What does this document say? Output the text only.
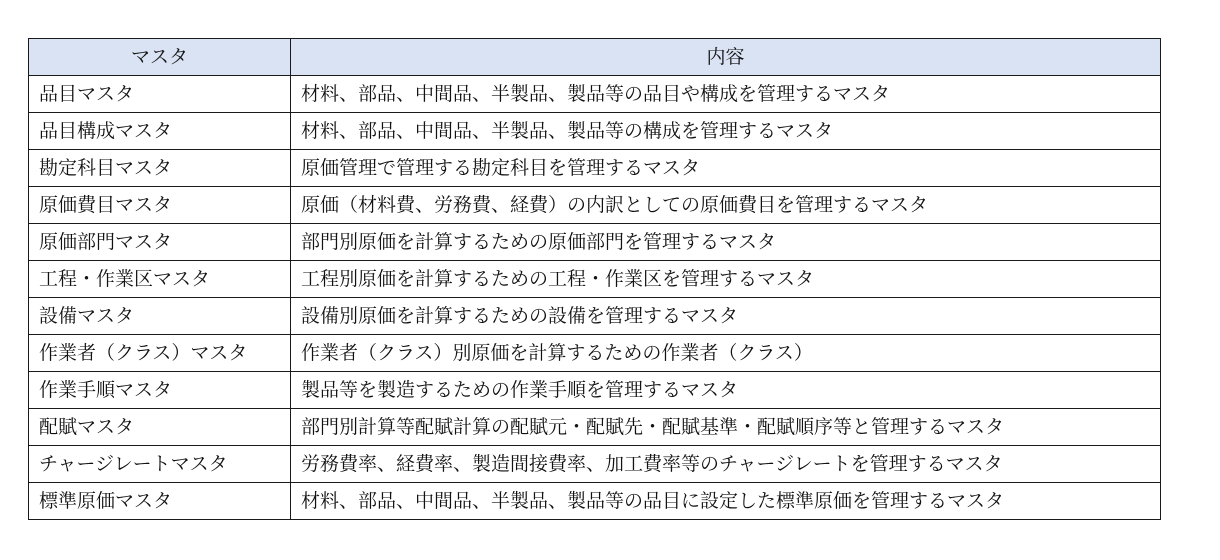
マスタ	内容
品目マスタ	材料、部品、中間品、半製品、製品等の品目や構成を管理するマスタ
品目構成マスタ	材料、部品、中間品、半製品、製品等の構成を管理するマスタ
勘定科目マスタ	原価管理で管理する勘定科目を管理するマスタ
原価費目マスタ	原価（材料費、労務費、経費）の内訳としての原価費目を管理するマスタ
原価部門マスタ	部門別原価を計算するための原価部門を管理するマスタ
工程・作業区マスタ	工程別原価を計算するための工程・作業区を管理するマスタ
設備マスタ	設備別原価を計算するための設備を管理するマスタ
作業者（クラス）マスタ	作業者（クラス）別原価を計算するための作業者（クラス）
作業手順マスタ	製品等を製造するための作業手順を管理するマスタ
配賦マスタ	部門別計算等配賦計算の配賦元・配賦先・配賦基準・配賦順序等と管理するマスタ
チャージレートマスタ	労務費率、経費率、製造間接費率、加工費率等のチャージレートを管理するマスタ
標準原価マスタ	材料、部品、中間品、半製品、製品等の品目に設定した標準原価を管理するマスタ
